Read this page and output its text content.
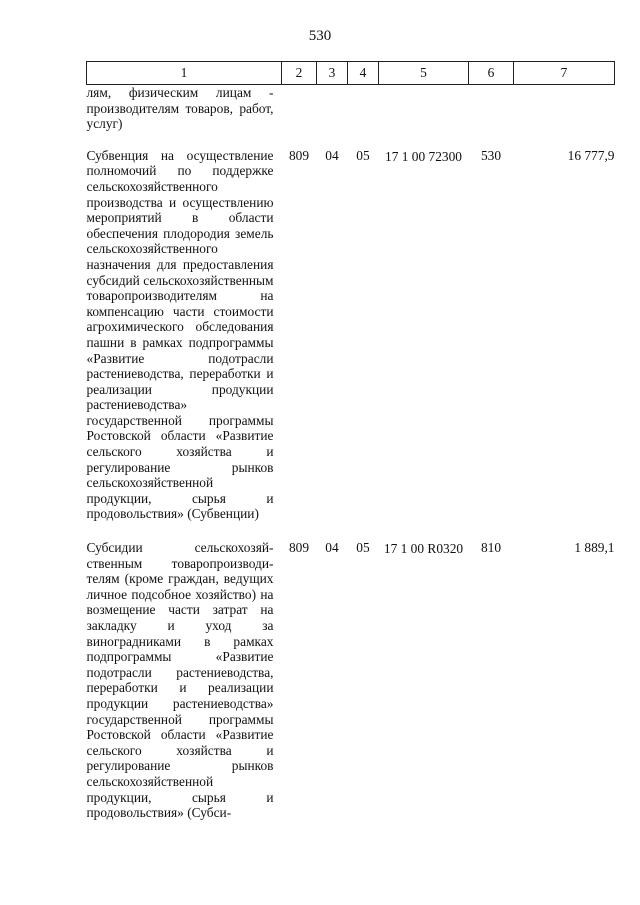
530
1	2	3	4	5	6	7
лям, физическим лицам - производителям товаров, работ, услуг)						
Субвенция на осуществление полномочий по поддержке сельскохозяйственного производства и осуществлению мероприятий в области обеспечения плодородия земель сельскохозяйственного назначения для предоставления субсидий сельскохозяйственным товаропроизводителям на компенсацию части стоимости агрохимического обследования пашни в рамках подпрограммы «Развитие подотрасли растениеводства, переработки и реализации продукции растениеводства» государственной программы Ростовской области «Развитие сельского хозяйства и регулирование рынков сельскохозяйственной продукции, сырья и продовольствия» (Субвенции)	809	04	05	17 1 00 72300	530	16 777,9
Субсидии сельскохозяйственным товаропроизводителям (кроме граждан, ведущих личное подсобное хозяйство) на возмещение части затрат на закладку и уход за виноградниками в рамках подпрограммы «Развитие подотрасли растениеводства, переработки и реализации продукции растениеводства» государственной программы Ростовской области «Развитие сельского хозяйства и регулирование рынков сельскохозяйственной продукции, сырья и продовольствия» (Субси-	809	04	05	17 1 00 R0320	810	1 889,1
